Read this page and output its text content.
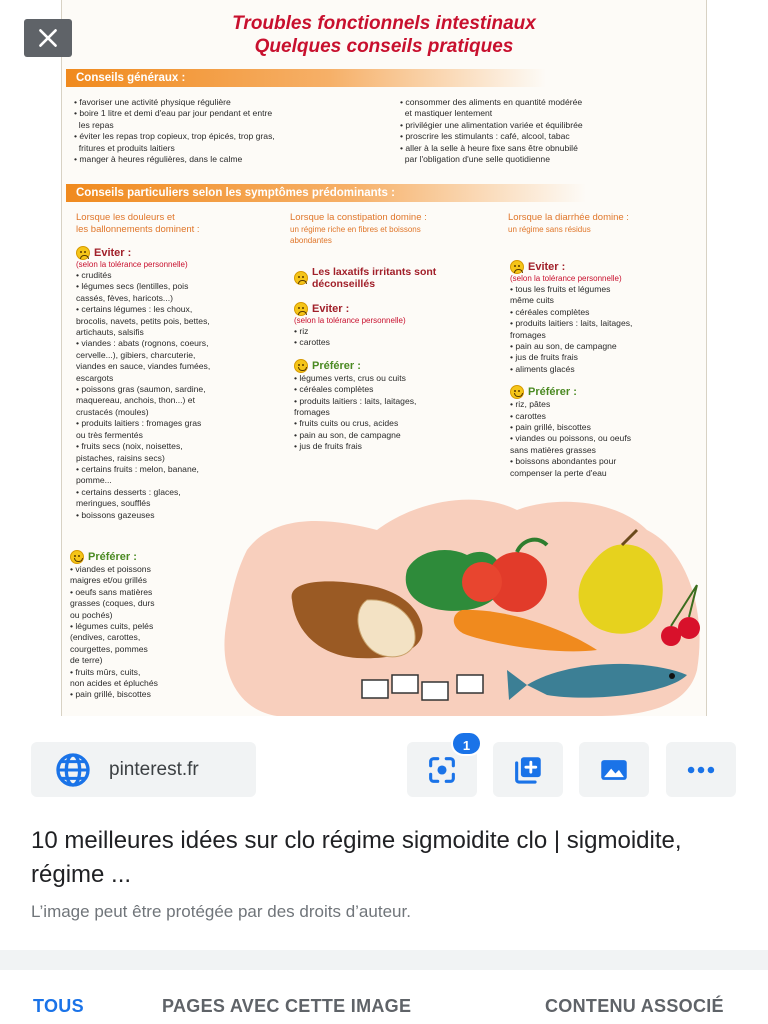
Troubles fonctionnels intestinaux
Quelques conseils pratiques
Conseils généraux :
• favoriser une activité physique régulière
• boire 1 litre et demi d'eau par jour pendant et entre
les repas
• éviter les repas trop copieux, trop épicés, trop gras,
fritures et produits laitiers
• manger à heures régulières, dans le calme
• consommer des aliments en quantité modérée
et mastiquer lentement
• privilégier une alimentation variée et équilibrée
• proscrire les stimulants : café, alcool, tabac
• aller à la selle à heure fixe sans être obnubilé
par l'obligation d'une selle quotidienne
Conseils particuliers selon les symptômes prédominants :
Lorsque les douleurs et
les ballonnements dominent :
Eviter :
(selon la tolérance personnelle)
• crudités
• légumes secs (lentilles, pois
cassés, fèves, haricots...)
• certains légumes : les choux,
brocolis, navets, petits pois, bettes,
artichauts, salsifis
• viandes : abats (rognons, coeurs,
cervelle...), gibiers, charcuterie,
viandes en sauce, viandes fumées,
escargots
• poissons gras (saumon, sardine,
maquereau, anchois, thon...) et
crustacés (moules)
• produits laitiers : fromages gras
ou très fermentés
• fruits secs (noix, noisettes,
pistaches, raisins secs)
• certains fruits : melon, banane,
pomme...
• certains desserts : glaces,
meringues, soufflés
• boissons gazeuses
Préférer :
• viandes et poissons
maigres et/ou grillés
• oeufs sans matières
grasses (coques, durs
ou pochés)
• légumes cuits, pelés
(endives, carottes,
courgettes, pommes
de terre)
• fruits mûrs, cuits,
non acides et épluchés
• pain grillé, biscottes
Lorsque la constipation domine :
un régime riche en fibres et boissons
abondantes
Les laxatifs irritants sont
déconseillés
Eviter :
(selon la tolérance personnelle)
• riz
• carottes
Préférer :
• légumes verts, crus ou cuits
• céréales complètes
• produits laitiers : laits, laitages,
fromages
• fruits cuits ou crus, acides
• pain au son, de campagne
• jus de fruits frais
Lorsque la diarrhée domine :
un régime sans résidus
Eviter :
(selon la tolérance personnelle)
• tous les fruits et légumes
même cuits
• céréales complètes
• produits laitiers : laits, laitages,
fromages
• pain au son, de campagne
• jus de fruits frais
• aliments glacés
Préférer :
• riz, pâtes
• carottes
• pain grillé, biscottes
• viandes ou poissons, ou oeufs
sans matières grasses
• boissons abondantes pour
compenser la perte d'eau
pinterest.fr
1
10 meilleures idées sur clo régime sigmoidite clo | sigmoidite, régime ...
L’image peut être protégée par des droits d’auteur.
TOUS	PAGES AVEC CETTE IMAGE	CONTENU ASSOCIÉ
